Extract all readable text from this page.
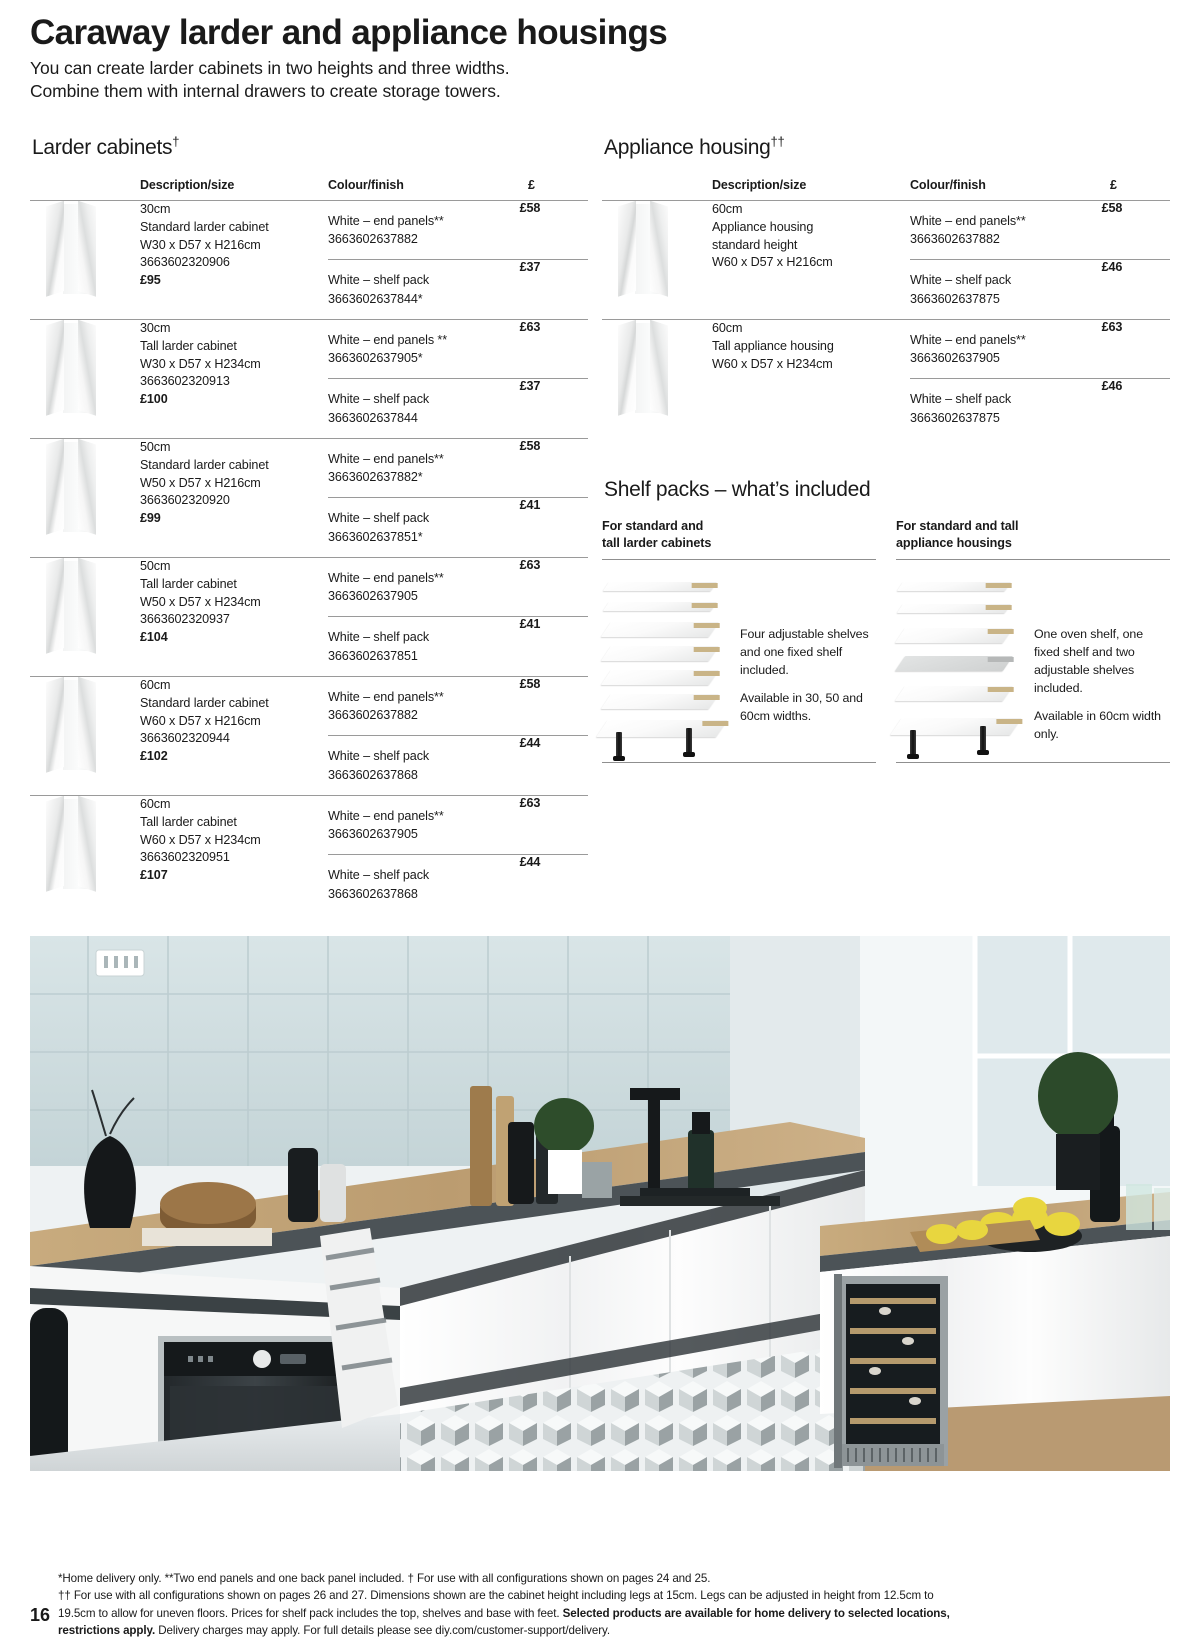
Caraway larder and appliance housings
You can create larder cabinets in two heights and three widths.
Combine them with internal drawers to create storage towers.
Larder cabinets†
	Description/size	Colour/finish	£

30cm
Standard larder cabinet
W30 x D57 x H216cm
3663602320906
£95

White – end panels**
3663602637882
	£58

White – shelf pack
3663602637844*
	£37

30cm
Tall larder cabinet
W30 x D57 x H234cm
3663602320913
£100

White – end panels **
3663602637905*
	£63

White – shelf pack
3663602637844
	£37

50cm
Standard larder cabinet
W50 x D57 x H216cm
3663602320920
£99

White – end panels**
3663602637882*
	£58

White – shelf pack
3663602637851*
	£41

50cm
Tall larder cabinet
W50 x D57 x H234cm
3663602320937
£104

White – end panels**
3663602637905
	£63

White – shelf pack
3663602637851
	£41

60cm
Standard larder cabinet
W60 x D57 x H216cm
3663602320944
£102

White – end panels**
3663602637882
	£58

White – shelf pack
3663602637868
	£44

60cm
Tall larder cabinet
W60 x D57 x H234cm
3663602320951
£107

White – end panels**
3663602637905
	£63

White – shelf pack
3663602637868
	£44
Appliance housing††
	Description/size	Colour/finish	£

60cm
Appliance housing
standard height
W60 x D57 x H216cm

White – end panels**
3663602637882
	£58

White – shelf pack
3663602637875
	£46

60cm
Tall appliance housing
W60 x D57 x H234cm

White – end panels**
3663602637905
	£63

White – shelf pack
3663602637875
	£46
Shelf packs – what’s included
For standard and
tall larder cabinets

Four adjustable shelves and one fixed shelf included.

Available in 30, 50 and 60cm widths.

For standard and tall
appliance housings

One oven shelf, one fixed shelf and two adjustable shelves included.

Available in 60cm width only.

16
*Home delivery only. **Two end panels and one back panel included. † For use with all configurations shown on pages 24 and 25.
†† For use with all configurations shown on pages 26 and 27. Dimensions shown are the cabinet height including legs at 15cm. Legs can be adjusted in height from 12.5cm to
19.5cm to allow for uneven floors. Prices for shelf pack includes the top, shelves and base with feet. Selected products are available for home delivery to selected locations,
restrictions apply. Delivery charges may apply. For full details please see diy.com/customer-support/delivery.
